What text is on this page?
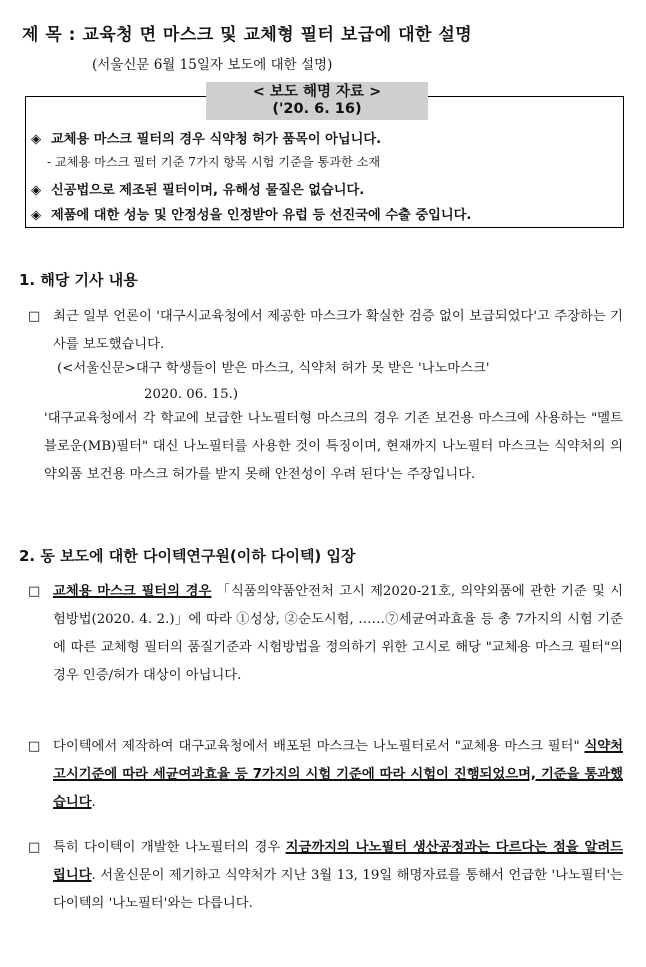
제 목 : 교육청 면 마스크 및 교체형 필터 보급에 대한 설명
(서울신문 6월 15일자 보도에 대한 설명)
< 보도 해명 자료 >
('20. 6. 16)
◈ 교체용 마스크 필터의 경우 식약청 허가 품목이 아닙니다.
- 교체용 마스크 필터 기준 7가지 항목 시험 기준을 통과한 소재
◈ 신공법으로 제조된 필터이며, 유해성 물질은 없습니다.
◈ 제품에 대한 성능 및 안정성을 인정받아 유럽 등 선진국에 수출 중입니다.
1. 해당 기사 내용
□ 최근 일부 언론이 '대구시교육청에서 제공한 마스크가 확실한 검증 없이 보급되었다'고 주장하는 기사를 보도했습니다.
(<서울신문>대구 학생들이 받은 마스크, 식약처 허가 못 받은 '나노마스크'
2020. 06. 15.)
'대구교육청에서 각 학교에 보급한 나노필터형 마스크의 경우 기존 보건용 마스크에 사용하는 "멜트블로운(MB)필터" 대신 나노필터를 사용한 것이 특징이며, 현재까지 나노필터 마스크는 식약처의 의약외품 보건용 마스크 허가를 받지 못해 안전성이 우려 된다'는 주장입니다.
2. 동 보도에 대한 다이텍연구원(이하 다이텍) 입장
□ 교체용 마스크 필터의 경우 「식품의약품안전처 고시 제2020-21호, 의약외품에 관한 기준 및 시험방법(2020. 4. 2.)」에 따라 ①성상, ②순도시험, ……⑦세균여과효율 등 총 7가지의 시험 기준에 따른 교체형 필터의 품질기준과 시험방법을 정의하기 위한 고시로 해당 "교체용 마스크 필터"의 경우 인증/허가 대상이 아닙니다.
□ 다이텍에서 제작하여 대구교육청에서 배포된 마스크는 나노필터로서 "교체용 마스크 필터" 식약처 고시기준에 따라 세균여과효율 등 7가지의 시험 기준에 따라 시험이 진행되었으며, 기준을 통과했습니다.
□ 특히 다이텍이 개발한 나노필터의 경우 지금까지의 나노필터 생산공정과는 다르다는 점을 알려드립니다. 서울신문이 제기하고 식약처가 지난 3월 13, 19일 해명자료를 통해서 언급한 '나노필터'는 다이텍의 '나노필터'와는 다릅니다.
